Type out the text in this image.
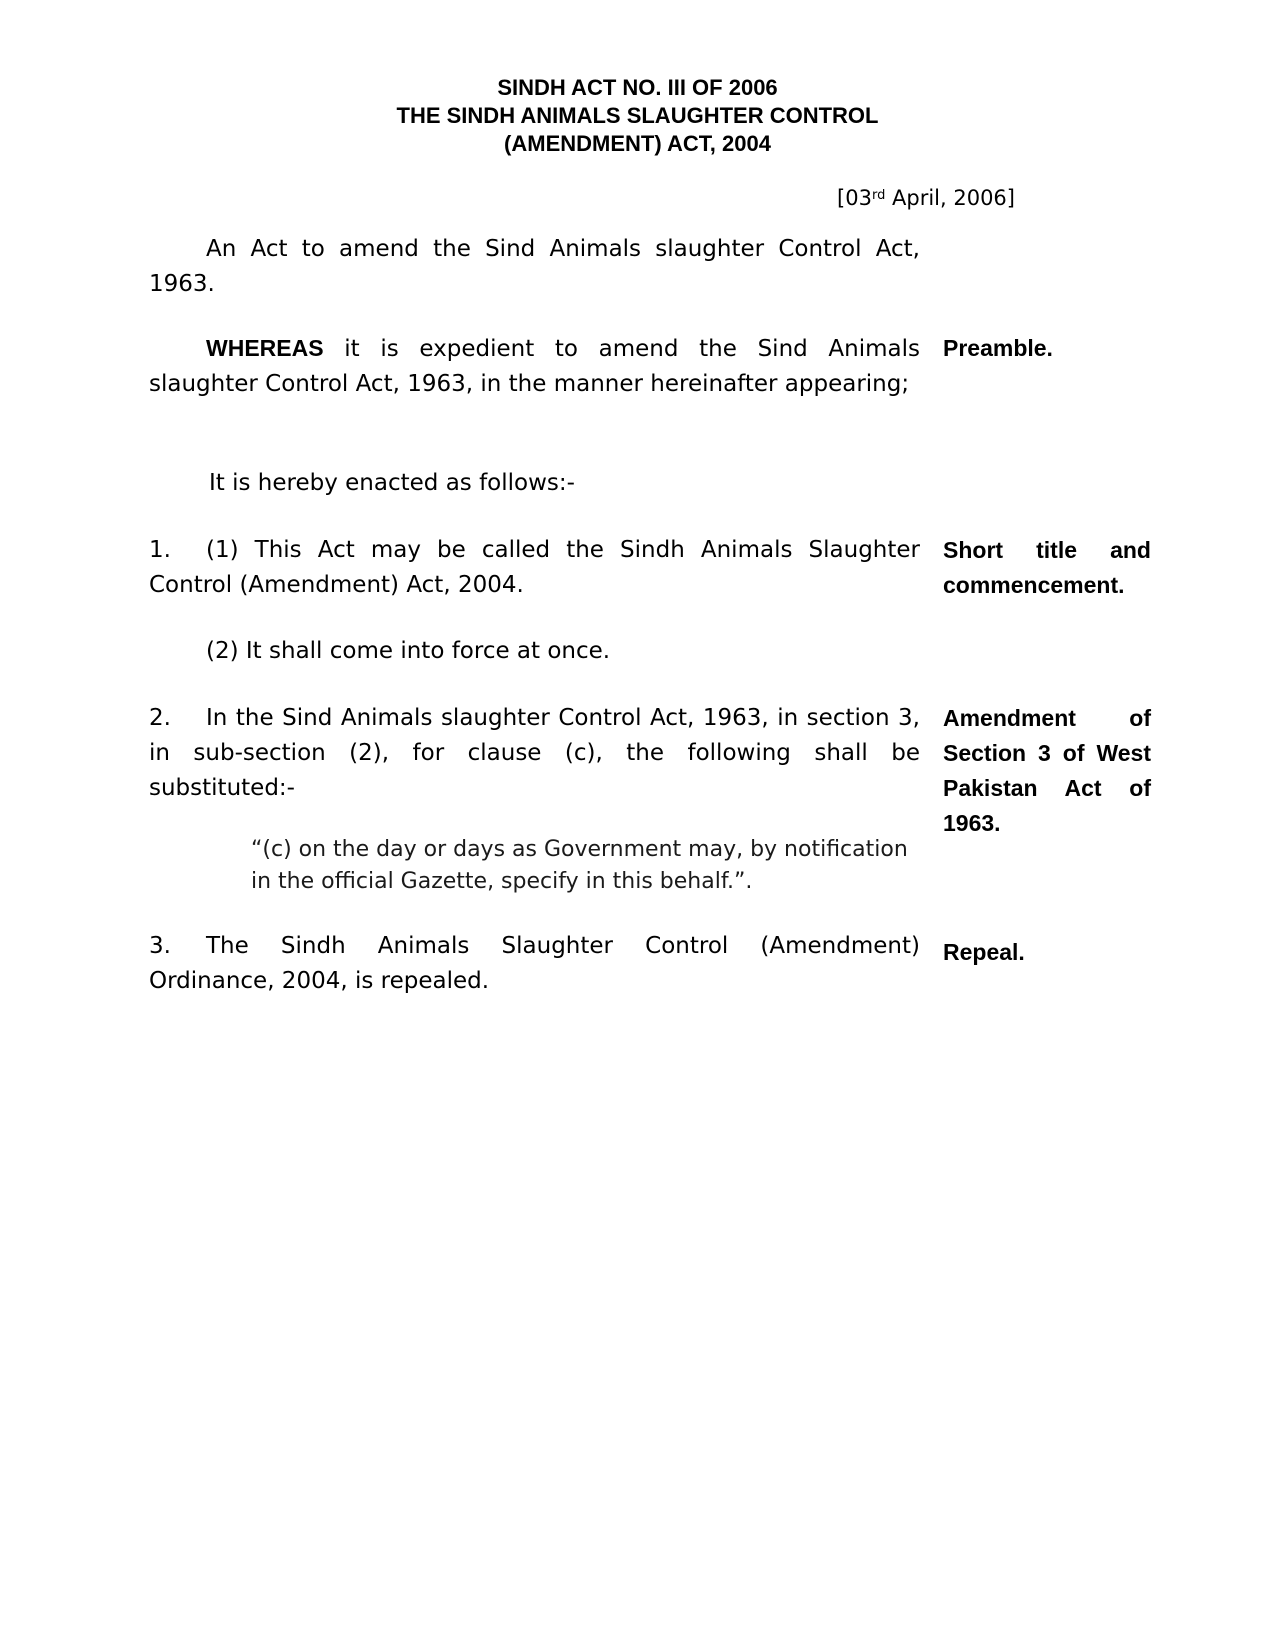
SINDH ACT NO. III OF 2006
THE SINDH ANIMALS SLAUGHTER CONTROL
(AMENDMENT) ACT, 2004
[03rd April, 2006]
An Act to amend the Sind Animals slaughter Control Act, 1963.
WHEREAS it is expedient to amend the Sind Animals slaughter Control Act, 1963, in the manner hereinafter appearing;
Preamble.
It is hereby enacted as follows:-
1. (1) This Act may be called the Sindh Animals Slaughter Control (Amendment) Act, 2004.
Short title and commencement.
(2) It shall come into force at once.
2. In the Sind Animals slaughter Control Act, 1963, in section 3, in sub-section (2), for clause (c), the following shall be substituted:-
Amendment of Section 3 of West Pakistan Act of 1963.
“(c) on the day or days as Government may, by notification in the official Gazette, specify in this behalf.”.
3. The Sindh Animals Slaughter Control (Amendment) Ordinance, 2004, is repealed.
Repeal.
